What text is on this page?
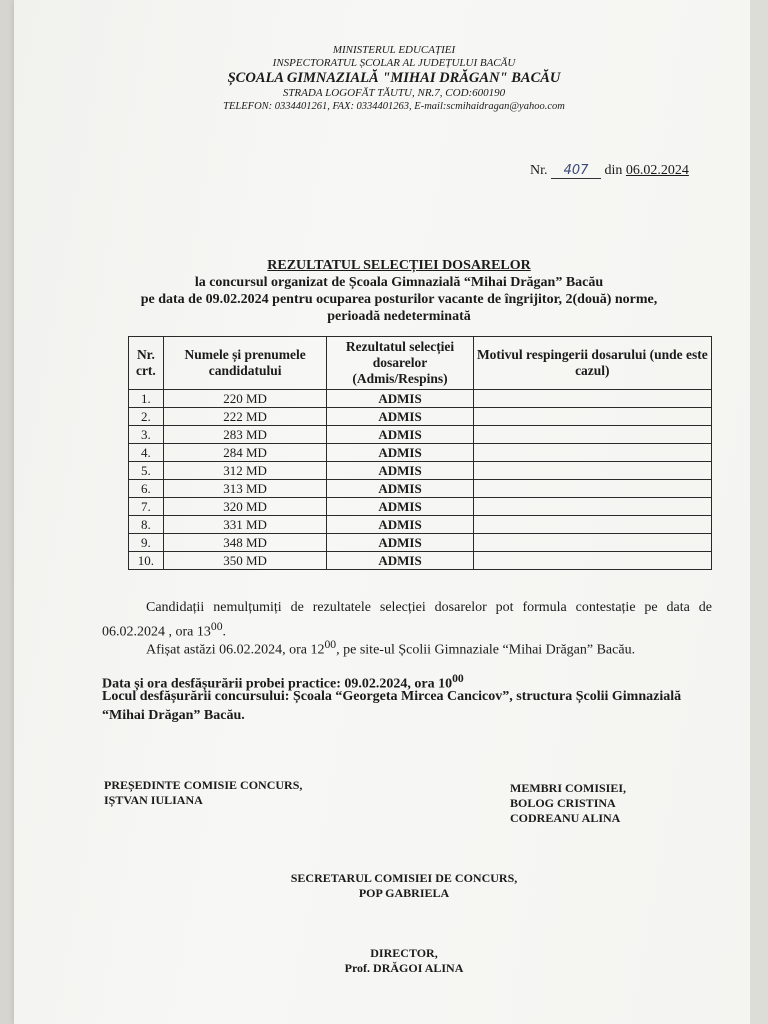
MINISTERUL EDUCAȚIEI
INSPECTORATUL ȘCOLAR AL JUDEȚULUI BACĂU
ȘCOALA GIMNAZIALĂ "MIHAI DRĂGAN" BACĂU
STRADA LOGOFĂT TĂUTU, NR.7, COD:600190
TELEFON: 0334401261, FAX: 0334401263, E-mail:scmihaidragan@yahoo.com
Nr. 407 din 06.02.2024
REZULTATUL SELECȚIEI DOSARELOR
la concursul organizat de Școala Gimnazială “Mihai Drăgan” Bacău
pe data de 09.02.2024 pentru ocuparea posturilor vacante de îngrijitor, 2(două) norme,
perioadă nedeterminată
Nr. crt.	Numele și prenumele candidatului	Rezultatul selecției dosarelor (Admis/Respins)	Motivul respingerii dosarului (unde este cazul)
1.	220 MD	ADMIS	
2.	222 MD	ADMIS	
3.	283 MD	ADMIS	
4.	284 MD	ADMIS	
5.	312 MD	ADMIS	
6.	313 MD	ADMIS	
7.	320 MD	ADMIS	
8.	331 MD	ADMIS	
9.	348 MD	ADMIS	
10.	350 MD	ADMIS	
Candidații nemulțumiți de rezultatele selecției dosarelor pot formula contestație pe data de 06.02.2024 , ora $13^{00}$.
Afișat astăzi 06.02.2024, ora $12^{00}$, pe site-ul Școlii Gimnaziale “Mihai Drăgan” Bacău.
Data și ora desfășurării probei practice: 09.02.2024, ora $10^{00}$
Locul desfășurării concursului: Școala “Georgeta Mircea Cancicov”, structura Școlii Gimnazială “Mihai Drăgan” Bacău.
PREȘEDINTE COMISIE CONCURS,
IȘTVAN IULIANA
MEMBRI COMISIEI,
BOLOG CRISTINA
CODREANU ALINA
SECRETARUL COMISIEI DE CONCURS,
POP GABRIELA
DIRECTOR,
Prof. DRĂGOI ALINA
